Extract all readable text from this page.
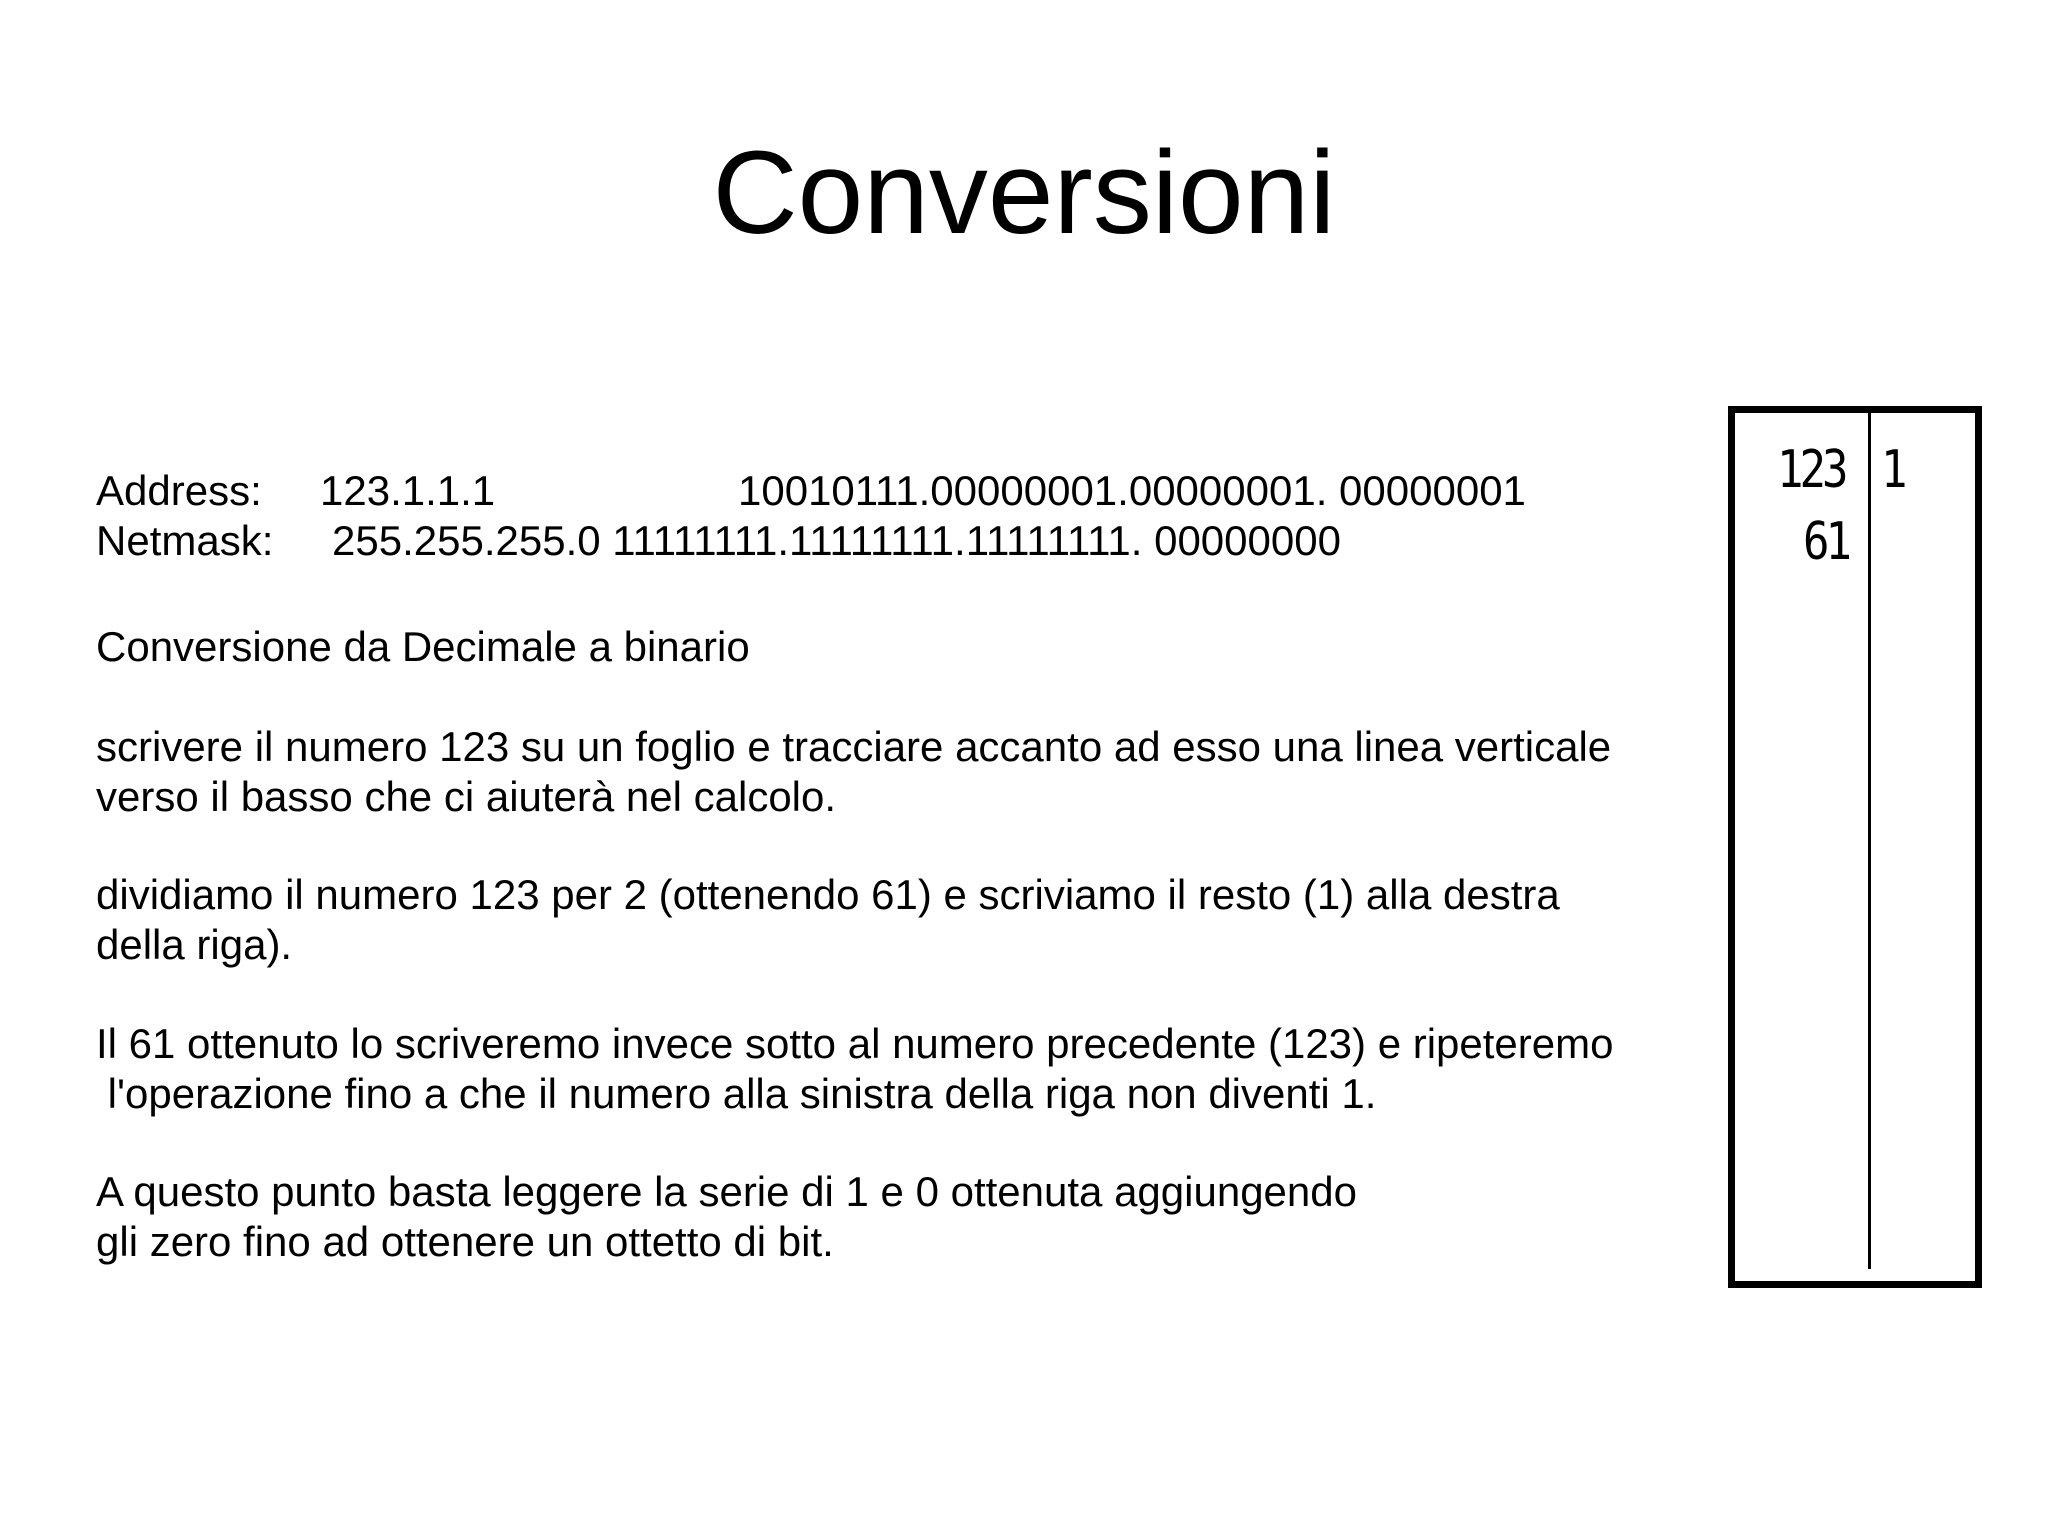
Conversioni
Address: 123.1.1.1	10010111.00000001.00000001. 00000001
Netmask: 255.255.255.0 11111111.11111111.11111111. 00000000
Conversione da Decimale a binario
scrivere il numero 123 su un foglio e tracciare accanto ad esso una linea verticale
verso il basso che ci aiuterà nel calcolo.
dividiamo il numero 123 per 2 (ottenendo 61) e scriviamo il resto (1) alla destra
della riga).
Il 61 ottenuto lo scriveremo invece sotto al numero precedente (123) e ripeteremo
l'operazione fino a che il numero alla sinistra della riga non diventi 1.
A questo punto basta leggere la serie di 1 e 0 ottenuta aggiungendo
gli zero fino ad ottenere un ottetto di bit.
123 1
61
